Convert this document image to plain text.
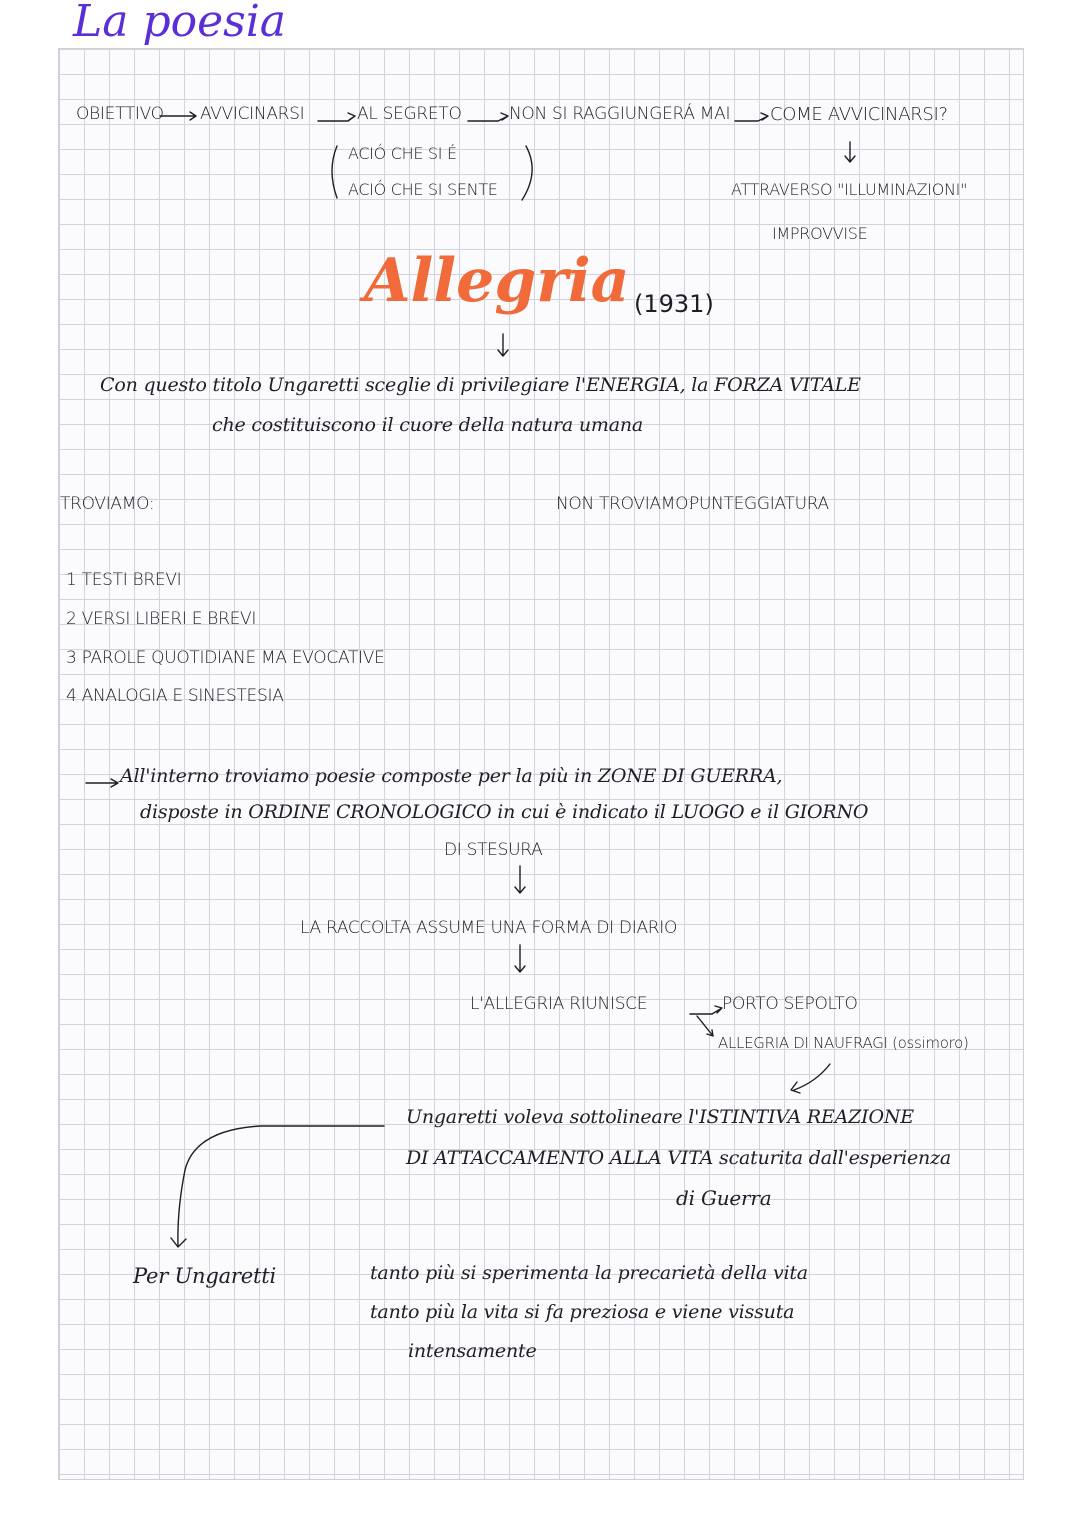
La poesia
OBIETTIVO AVVICINARSI	AL SEGRETO	NON SI RAGGIUNGERÁ MAI COME AVVICINARSI?
ACIÓ CHE SI É
ACIÓ CHE SI SENTE	ATTRAVERSO "ILLUMINAZIONI"
IMPROVVISE
Allegria (1931)
Con questo titolo Ungaretti sceglie di privilegiare l'ENERGIA, la FORZA VITALE
che costituiscono il cuore della natura umana
TROVIAMO:	NON TROVIAMO:
PUNTEGGIATURA
1 TESTI BREVI
2 VERSI LIBERI E BREVI
3 PAROLE QUOTIDIANE MA EVOCATIVE
4 ANALOGIA E SINESTESIA
All'interno troviamo poesie composte per la più in ZONE DI GUERRA,
disposte in ORDINE CRONOLOGICO in cui è indicato il LUOGO e il GIORNO
DI STESURA
LA RACCOLTA ASSUME UNA FORMA DI DIARIO
L'ALLEGRIA RIUNISCE	PORTO SEPOLTO
ALLEGRIA DI NAUFRAGI (ossimoro)
Ungaretti voleva sottolineare l'ISTINTIVA REAZIONE
DI ATTACCAMENTO ALLA VITA scaturita dall'esperienza
di Guerra
Per Ungaretti	tanto più si sperimenta la precarietà della vita
tanto più la vita si fa preziosa e viene vissuta
intensamente
